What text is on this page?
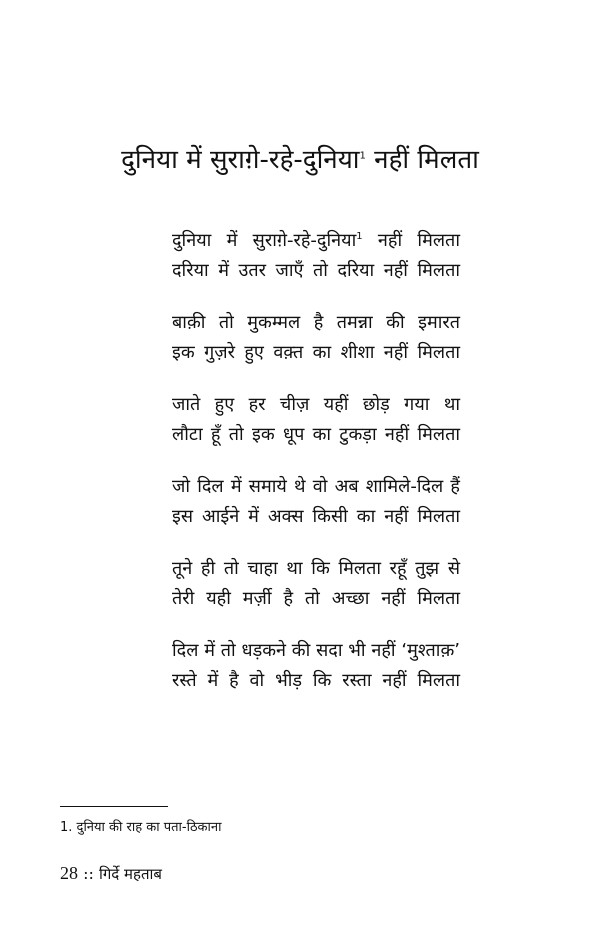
दुनिया में सुराग़े-रहे-दुनिया$^1$ नहीं मिलता
दुनिया में सुराग़े-रहे-दुनिया$^1$ नहीं मिलता
दरिया में उतर जाएँ तो दरिया नहीं मिलता
बाक़ी तो मुकम्मल है तमन्ना की इमारत
इक गुज़रे हुए वक़्त का शीशा नहीं मिलता
जाते हुए हर चीज़ यहीं छोड़ गया था
लौटा हूँ तो इक धूप का टुकड़ा नहीं मिलता
जो दिल में समाये थे वो अब शामिले-दिल हैं
इस आईने में अक्स किसी का नहीं मिलता
तूने ही तो चाहा था कि मिलता रहूँ तुझ से
तेरी यही मर्ज़ी है तो अच्छा नहीं मिलता
दिल में तो धड़कने की सदा भी नहीं ‘मुश्ताक़’
रस्ते में है वो भीड़ कि रस्ता नहीं मिलता
1. दुनिया की राह का पता-ठिकाना
28 :: गिर्दे महताब
